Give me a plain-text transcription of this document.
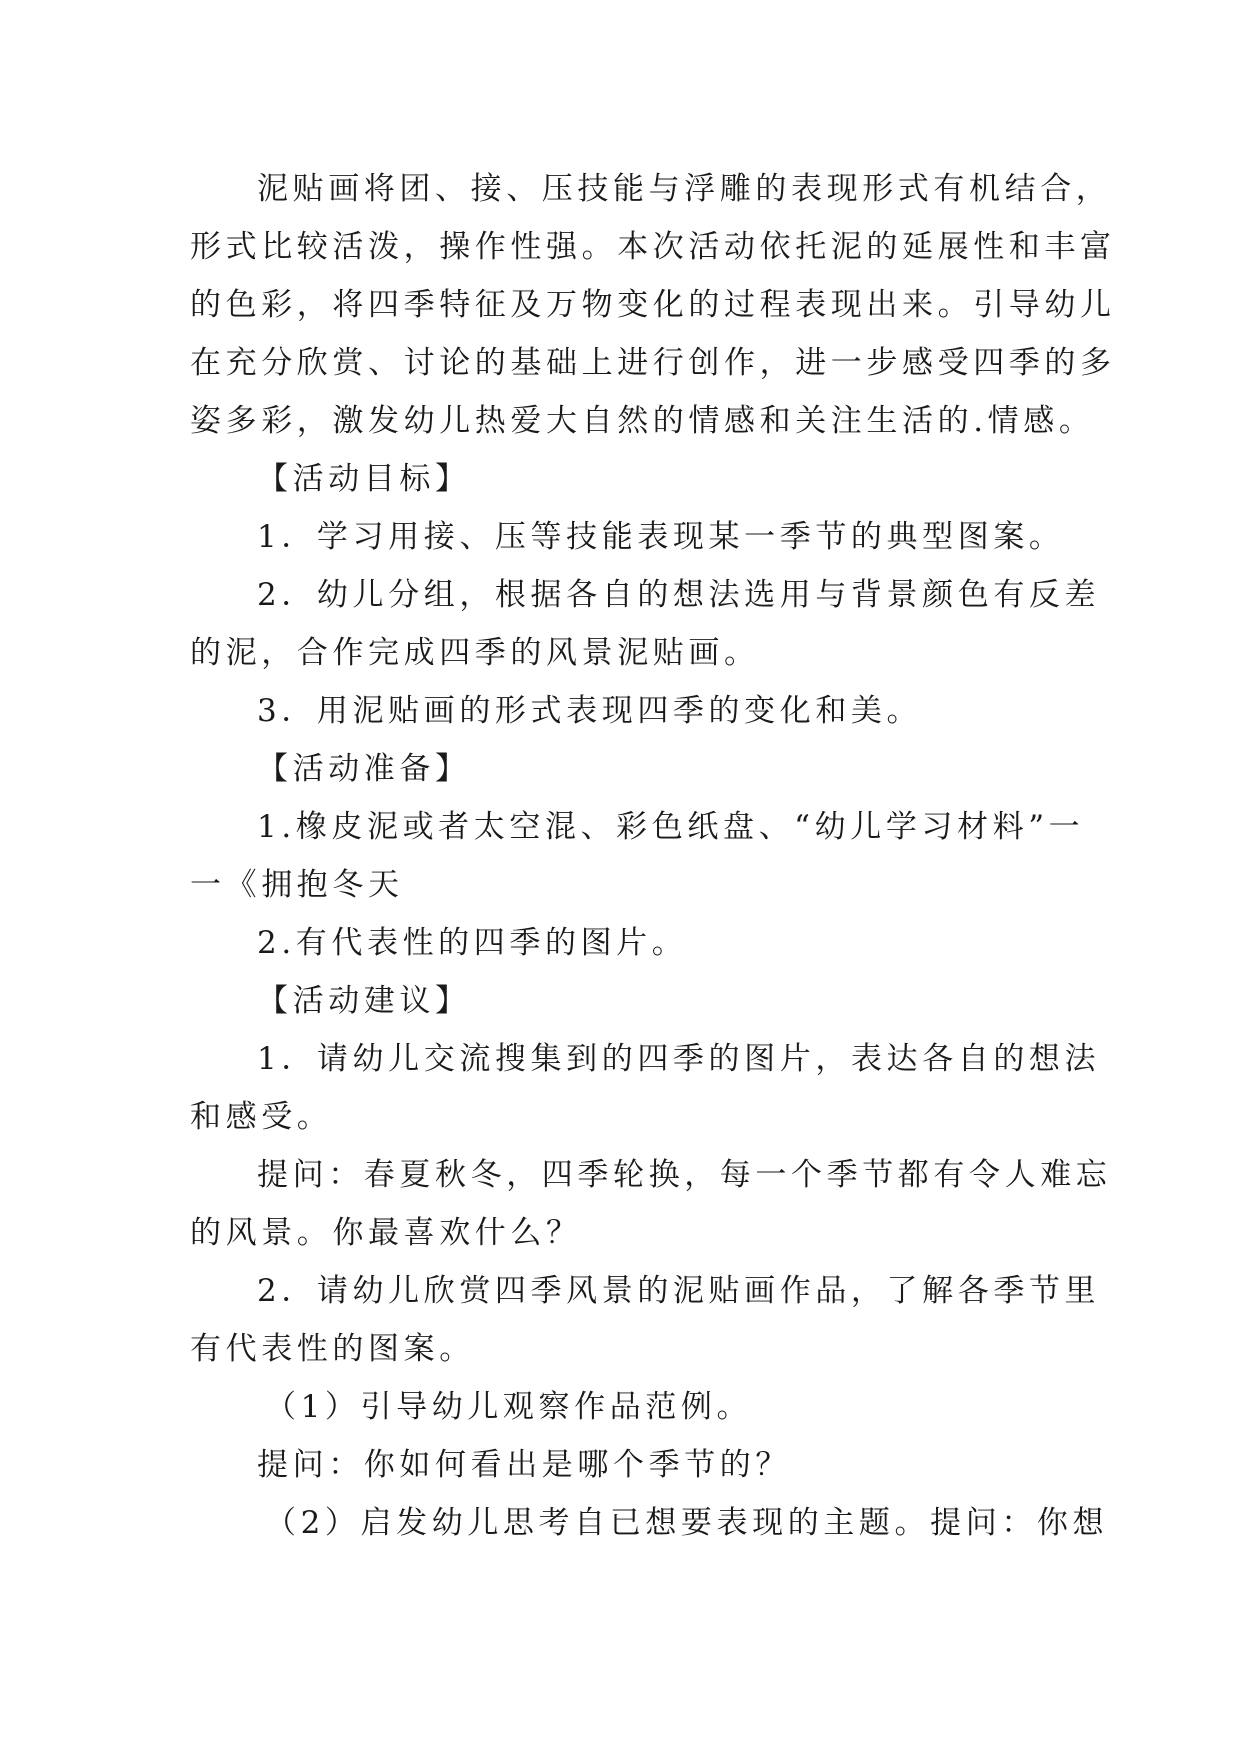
泥贴画将团、接、压技能与浮雕的表现形式有机结合，
形式比较活泼，操作性强。本次活动依托泥的延展性和丰富
的色彩，将四季特征及万物变化的过程表现出来。引导幼儿
在充分欣赏、讨论的基础上进行创作，进一步感受四季的多
姿多彩，激发幼儿热爱大自然的情感和关注生活的.情感。
【活动目标】
1．学习用接、压等技能表现某一季节的典型图案。
2．幼儿分组，根据各自的想法选用与背景颜色有反差
的泥，合作完成四季的风景泥贴画。
3．用泥贴画的形式表现四季的变化和美。
【活动准备】
1.橡皮泥或者太空混、彩色纸盘、“幼儿学习材料”一
一《拥抱冬天
2.有代表性的四季的图片。
【活动建议】
1．请幼儿交流搜集到的四季的图片，表达各自的想法
和感受。
提问：春夏秋冬，四季轮换，每一个季节都有令人难忘
的风景。你最喜欢什么？
2．请幼儿欣赏四季风景的泥贴画作品，了解各季节里
有代表性的图案。
（1）引导幼儿观察作品范例。
提问：你如何看出是哪个季节的？
（2）启发幼儿思考自已想要表现的主题。提问：你想
